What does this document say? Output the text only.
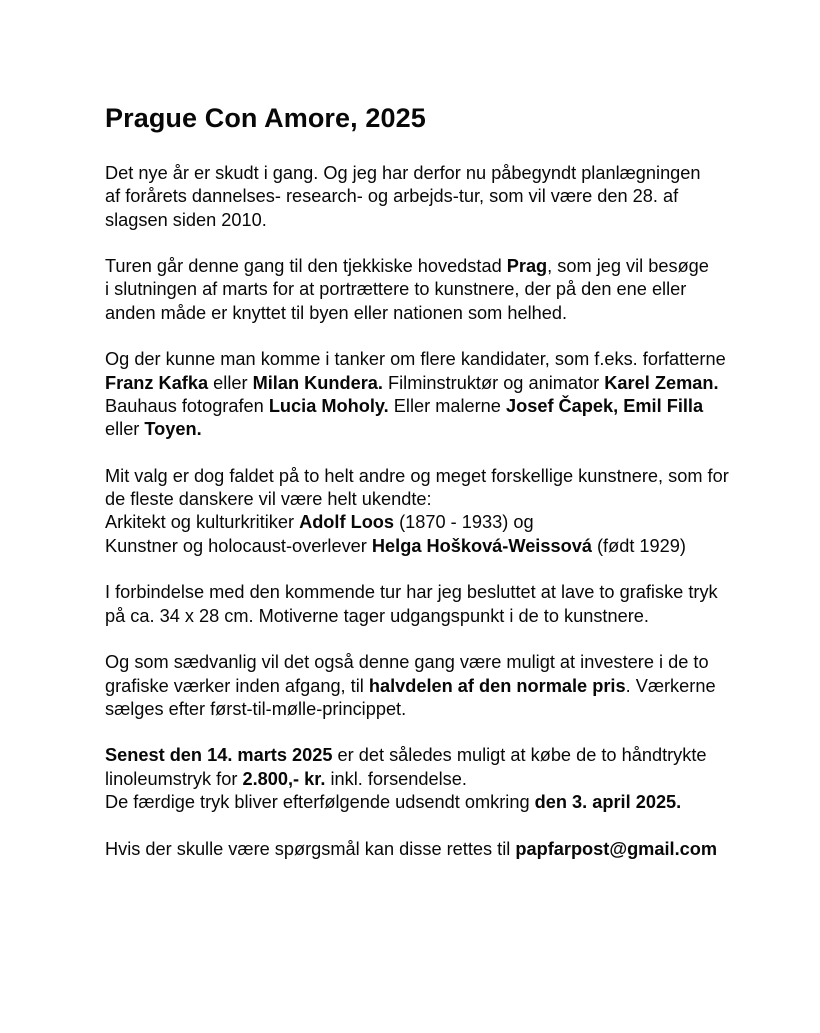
Prague Con Amore, 2025

Det nye år er skudt i gang. Og jeg har derfor nu påbegyndt planlægningen
af forårets dannelses- research- og arbejds-tur, som vil være den 28. af
slagsen siden 2010.

Turen går denne gang til den tjekkiske hovedstad Prag, som jeg vil besøge
i slutningen af marts for at portrættere to kunstnere, der på den ene eller
anden måde er knyttet til byen eller nationen som helhed.

Og der kunne man komme i tanker om flere kandidater, som f.eks. forfatterne
Franz Kafka eller Milan Kundera. Filminstruktør og animator Karel Zeman.
Bauhaus fotografen Lucia Moholy. Eller malerne Josef Čapek, Emil Filla
eller Toyen.

Mit valg er dog faldet på to helt andre og meget forskellige kunstnere, som for
de fleste danskere vil være helt ukendte:
Arkitekt og kulturkritiker Adolf Loos (1870 - 1933) og
Kunstner og holocaust-overlever Helga Hošková-Weissová (født 1929)

I forbindelse med den kommende tur har jeg besluttet at lave to grafiske tryk
på ca. 34 x 28 cm. Motiverne tager udgangspunkt i de to kunstnere.

Og som sædvanlig vil det også denne gang være muligt at investere i de to
grafiske værker inden afgang, til halvdelen af den normale pris. Værkerne
sælges efter først-til-mølle-princippet.

Senest den 14. marts 2025 er det således muligt at købe de to håndtrykte
linoleumstryk for 2.800,- kr. inkl. forsendelse.
De færdige tryk bliver efterfølgende udsendt omkring den 3. april 2025.

Hvis der skulle være spørgsmål kan disse rettes til papfarpost@gmail.com
